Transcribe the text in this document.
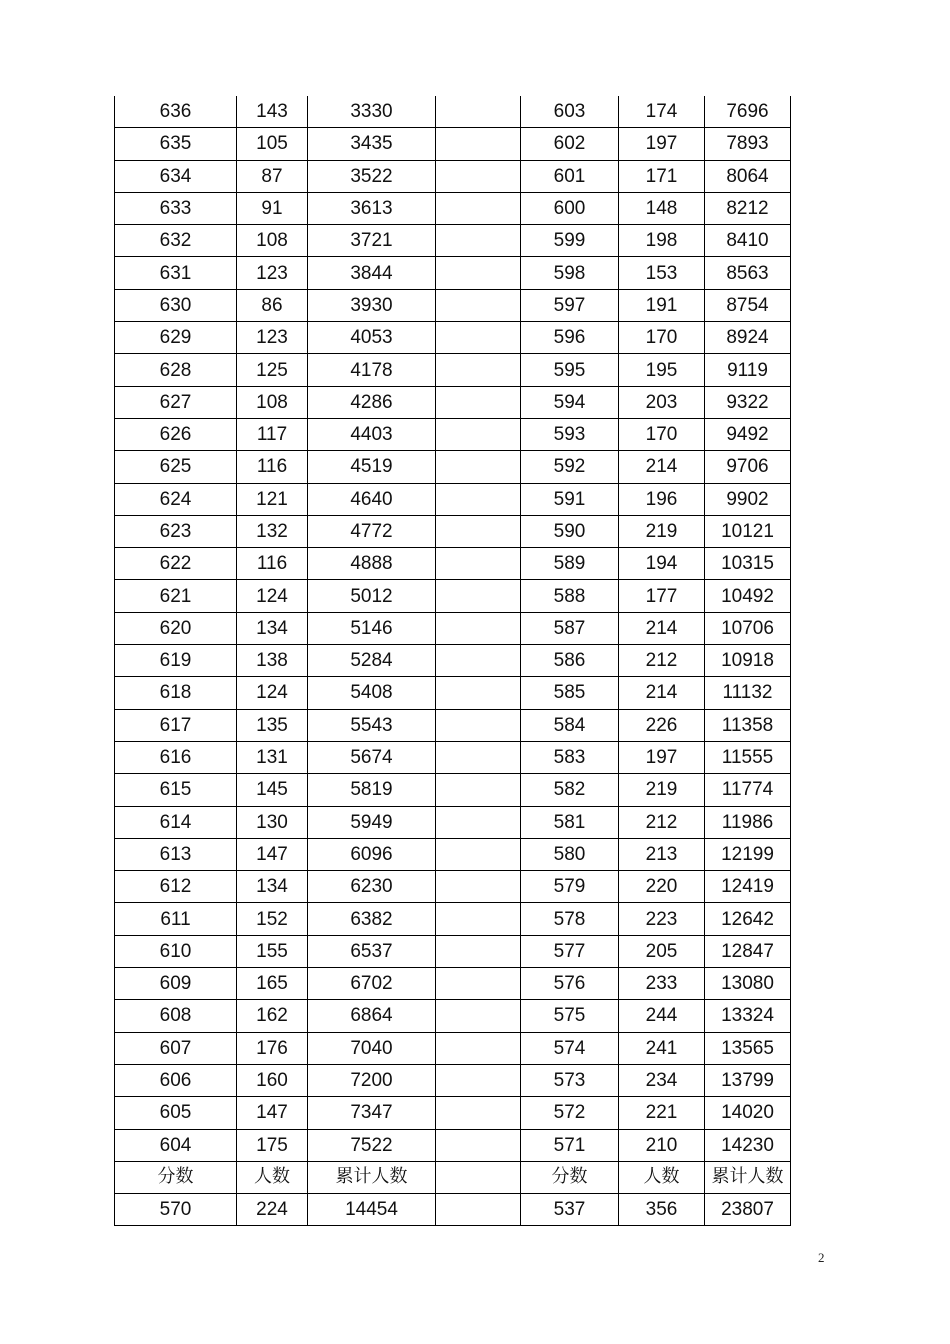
636	143	3330		603	174	7696
635	105	3435		602	197	7893
634	87	3522		601	171	8064
633	91	3613		600	148	8212
632	108	3721		599	198	8410
631	123	3844		598	153	8563
630	86	3930		597	191	8754
629	123	4053		596	170	8924
628	125	4178		595	195	9119
627	108	4286		594	203	9322
626	117	4403		593	170	9492
625	116	4519		592	214	9706
624	121	4640		591	196	9902
623	132	4772		590	219	10121
622	116	4888		589	194	10315
621	124	5012		588	177	10492
620	134	5146		587	214	10706
619	138	5284		586	212	10918
618	124	5408		585	214	11132
617	135	5543		584	226	11358
616	131	5674		583	197	11555
615	145	5819		582	219	11774
614	130	5949		581	212	11986
613	147	6096		580	213	12199
612	134	6230		579	220	12419
611	152	6382		578	223	12642
610	155	6537		577	205	12847
609	165	6702		576	233	13080
608	162	6864		575	244	13324
607	176	7040		574	241	13565
606	160	7200		573	234	13799
605	147	7347		572	221	14020
604	175	7522		571	210	14230
分数	人数	累计人数		分数	人数	累计人数
570	224	14454		537	356	23807
2
